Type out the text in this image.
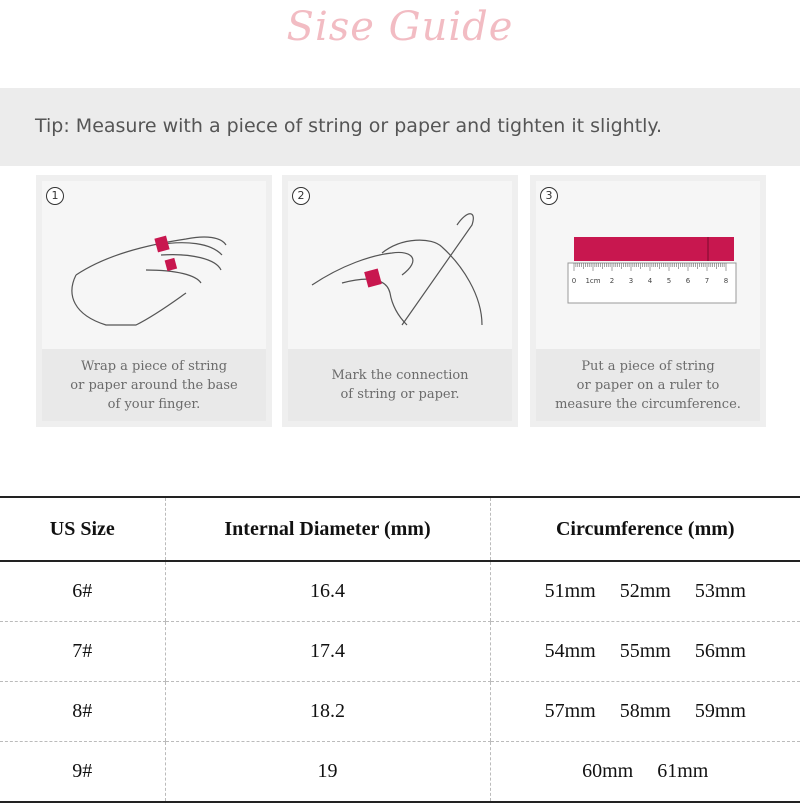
Sise Guide
Tip: Measure with a piece of string or paper and tighten it slightly.
1
Wrap a piece of string
or paper around the base
of your finger.
2
Mark the connection
of string or paper.
0 1cm 2 3 4 5 6 7 8
3
Put a piece of string
or paper on a ruler to
measure the circumference.
US Size	Internal Diameter (mm)	Circumference (mm)
6#	16.4	51mm 52mm 53mm
7#	17.4	54mm 55mm 56mm
8#	18.2	57mm 58mm 59mm
9#	19	60mm 61mm
